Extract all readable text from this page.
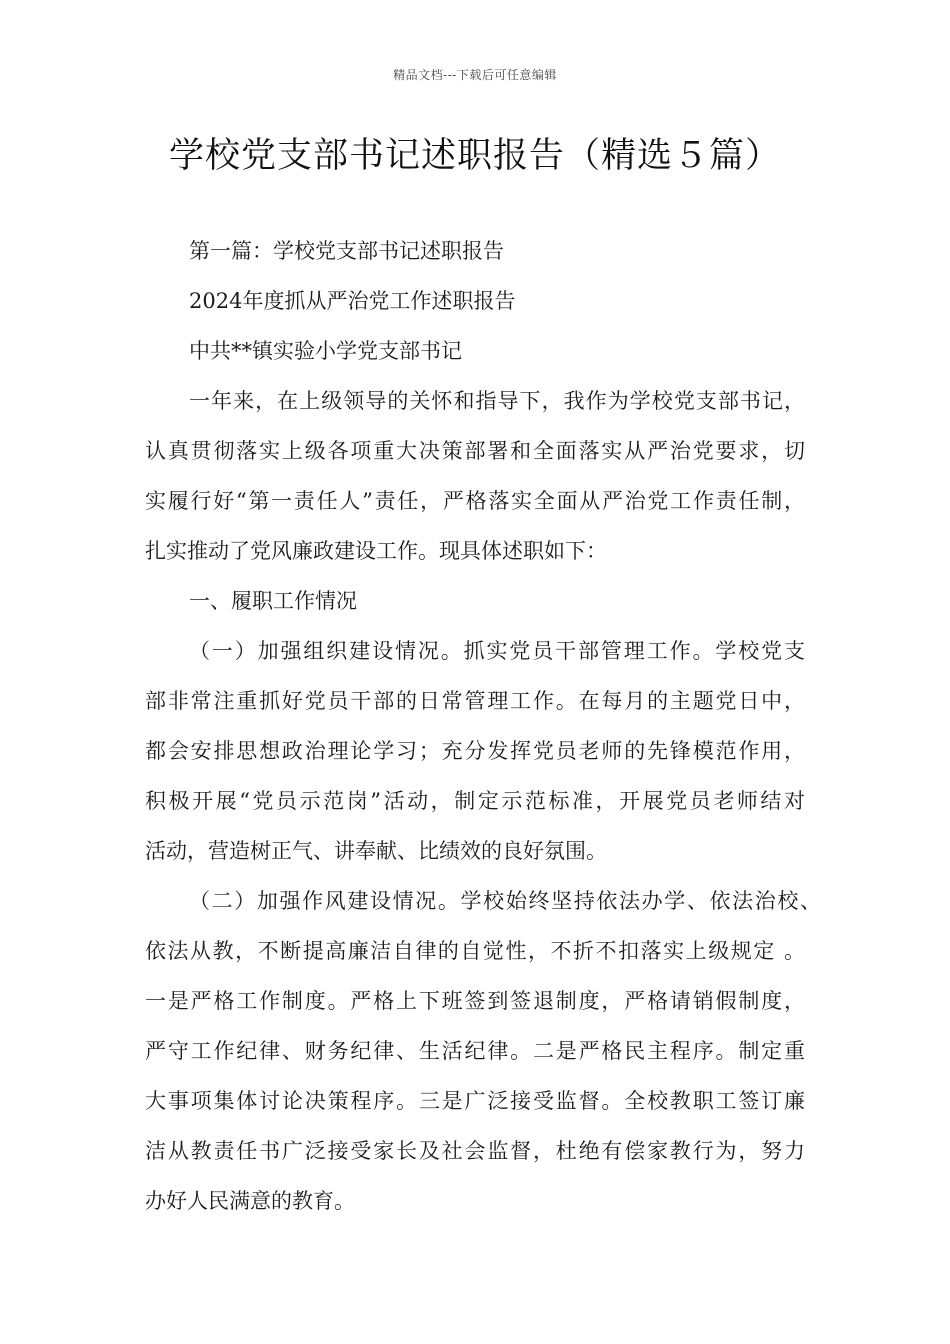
精品文档---下载后可任意编辑
学校党支部书记述职报告（精选５篇）
第一篇：学校党支部书记述职报告
2024年度抓从严治党工作述职报告
中共**镇实验小学党支部书记
一年来，在上级领导的关怀和指导下，我作为学校党支部书记，
认真贯彻落实上级各项重大决策部署和全面落实从严治党要求，切
实履行好“第一责任人”责任，严格落实全面从严治党工作责任制，
扎实推动了党风廉政建设工作。现具体述职如下：
一、履职工作情况
（一）加强组织建设情况。抓实党员干部管理工作。学校党支
部非常注重抓好党员干部的日常管理工作。在每月的主题党日中，
都会安排思想政治理论学习；充分发挥党员老师的先锋模范作用，
积极开展“党员示范岗”活动，制定示范标准，开展党员老师结对
活动，营造树正气、讲奉献、比绩效的良好氛围。
（二）加强作风建设情况。学校始终坚持依法办学、依法治校、
依法从教，不断提高廉洁自律的自觉性，不折不扣落实上级规定 。
一是严格工作制度。严格上下班签到签退制度，严格请销假制度，
严守工作纪律、财务纪律、生活纪律。二是严格民主程序。制定重
大事项集体讨论决策程序。三是广泛接受监督。全校教职工签订廉
洁从教责任书广泛接受家长及社会监督，杜绝有偿家教行为，努力
办好人民满意的教育。
